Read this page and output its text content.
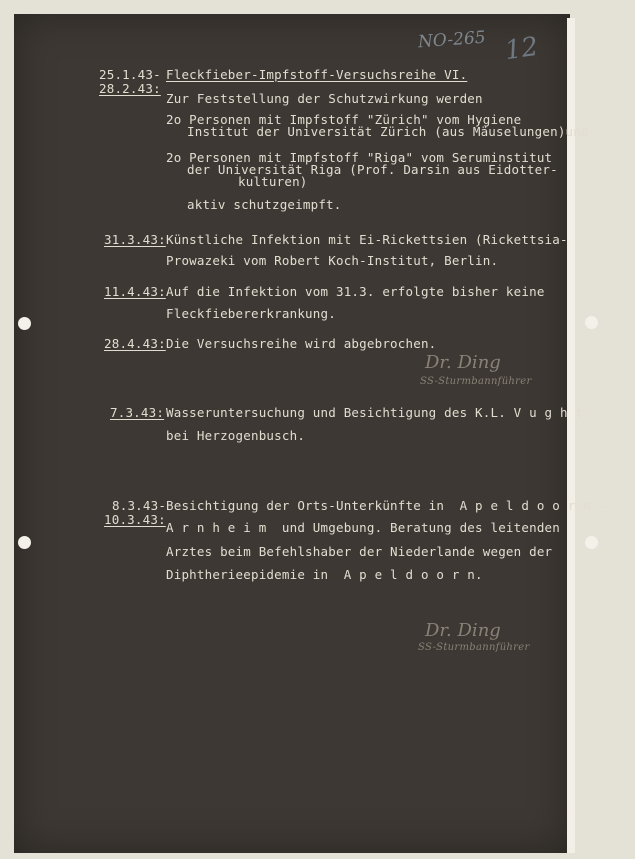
NO-265 12
25.1.43-
28.2.43:
Fleckfieber-Impfstoff-Versuchsreihe VI.
Zur Feststellung der Schutzwirkung werden
2o Personen mit Impfstoff "Zürich" vom Hygiene
Institut der Universität Zürich (aus Mäuselungen)und
2o Personen mit Impfstoff "Riga" vom Seruminstitut
der Universität Riga (Prof. Darsin aus Eidotter-
kulturen)
aktiv schutzgeimpft.
31.3.43: Künstliche Infektion mit Ei-Rickettsien (Rickettsia-
Prowazeki vom Robert Koch-Institut, Berlin.
11.4.43: Auf die Infektion vom 31.3. erfolgte bisher keine
Fleckfiebererkrankung.
28.4.43: Die Versuchsreihe wird abgebrochen.
Dr. Ding
SS-Sturmbannführer
7.3.43: Wasseruntersuchung und Besichtigung des K.L. V u g h t
bei Herzogenbusch.
8.3.43-
10.3.43:
Besichtigung der Orts-Unterkünfte in  A p e l d o o r n -
A r n h e i m  und Umgebung. Beratung des leitenden
Arztes beim Befehlshaber der Niederlande wegen der
Diphtherieepidemie in  A p e l d o o r n.
Dr. Ding
SS-Sturmbannführer
